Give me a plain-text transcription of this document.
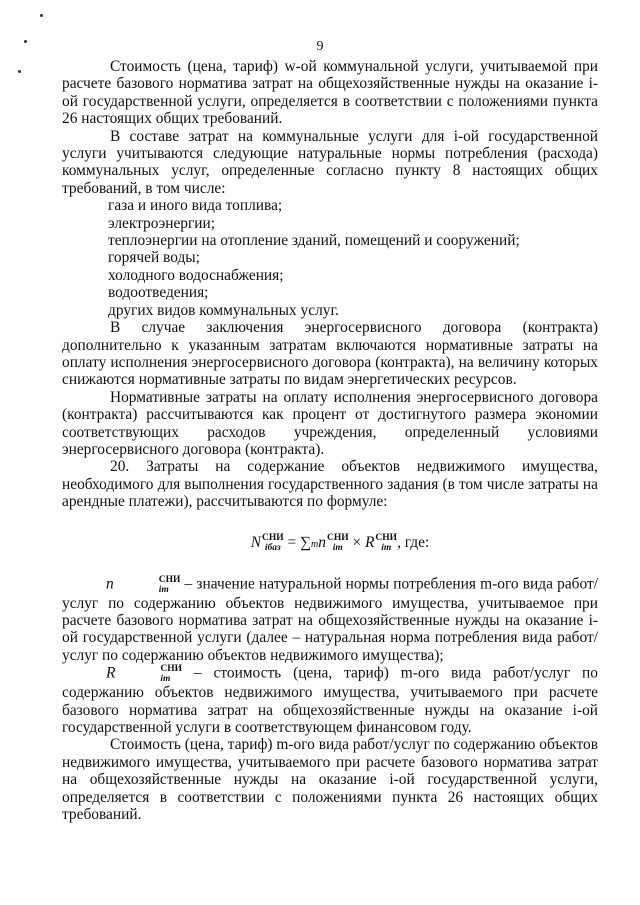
9

Стоимость (цена, тариф) w-ой коммунальной услуги, учитываемой при расчете базового норматива затрат на общехозяйственные нужды на оказание i-ой государственной услуги, определяется в соответствии с положениями пункта 26 настоящих общих требований.

В составе затрат на коммунальные услуги для i-ой государственной услуги учитываются следующие натуральные нормы потребления (расхода) коммунальных услуг, определенные согласно пункту 8 настоящих общих требований, в том числе:

газа и иного вида топлива;

электроэнергии;

теплоэнергии на отопление зданий, помещений и сооружений;

горячей воды;

холодного водоснабжения;

водоотведения;

других видов коммунальных услуг.

В случае заключения энергосервисного договора (контракта) дополнительно к указанным затратам включаются нормативные затраты на оплату исполнения энергосервисного договора (контракта), на величину которых снижаются нормативные затраты по видам энергетических ресурсов.

Нормативные затраты на оплату исполнения энергосервисного договора (контракта) рассчитываются как процент от достигнутого размера экономии соответствующих расходов учреждения, определенный условиями энергосервисного договора (контракта).

20. Затраты на содержание объектов недвижимого имущества, необходимого для выполнения государственного задания (в том числе затраты на арендные платежи), рассчитываются по формуле:

N СНИ
iбаз = ∑mn СНИ
im × R СНИ
im , где:

n	СНИ
im – значение натуральной нормы потребления m-ого вида работ/услуг по содержанию объектов недвижимого имущества, учитываемое при расчете базового норматива затрат на общехозяйственные нужды на оказание i-ой государственной услуги (далее – натуральная норма потребления вида работ/услуг по содержанию объектов недвижимого имущества);

R	СНИ
im – стоимость (цена, тариф) m-ого вида работ/услуг по содержанию объектов недвижимого имущества, учитываемого при расчете базового норматива затрат на общехозяйственные нужды на оказание i-ой государственной услуги в соответствующем финансовом году.

Стоимость (цена, тариф) m-ого вида работ/услуг по содержанию объектов недвижимого имущества, учитываемого при расчете базового норматива затрат на общехозяйственные нужды на оказание i-ой государственной услуги, определяется в соответствии с положениями пункта 26 настоящих общих требований.
